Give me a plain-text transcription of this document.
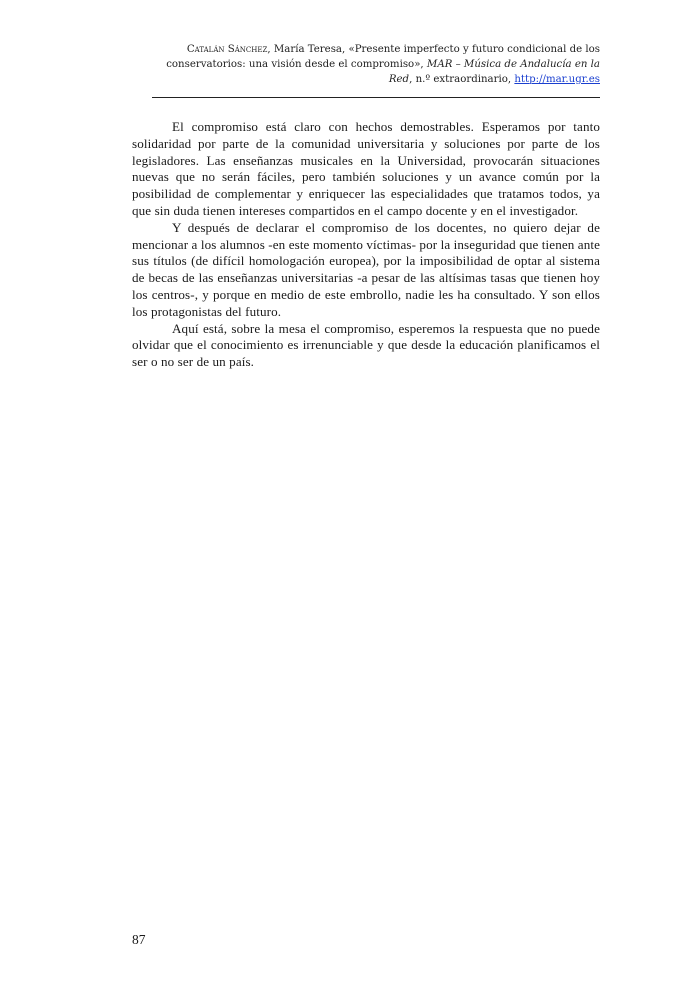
Catalán Sánchez, María Teresa, «Presente imperfecto y futuro condicional de los conservatorios: una visión desde el compromiso», MAR – Música de Andalucía en la Red, n.º extraordinario, http://mar.ugr.es

El compromiso está claro con hechos demostrables. Esperamos por tanto solidaridad por parte de la comunidad universitaria y soluciones por parte de los legisladores. Las enseñanzas musicales en la Universidad, provocarán situaciones nuevas que no serán fáciles, pero también soluciones y un avance común por la posibilidad de complementar y enriquecer las especialidades que tratamos todos, ya que sin duda tienen intereses compartidos en el campo docente y en el investigador.

Y después de declarar el compromiso de los docentes, no quiero dejar de mencionar a los alumnos -en este momento víctimas- por la inseguridad que tienen ante sus títulos (de difícil homologación europea), por la imposibilidad de optar al sistema de becas de las enseñanzas universitarias -a pesar de las altísimas tasas que tienen hoy los centros-, y porque en medio de este embrollo, nadie les ha consultado. Y son ellos los protagonistas del futuro.

Aquí está, sobre la mesa el compromiso, esperemos la respuesta que no puede olvidar que el conocimiento es irrenunciable y que desde la educación planificamos el ser o no ser de un país.

87
